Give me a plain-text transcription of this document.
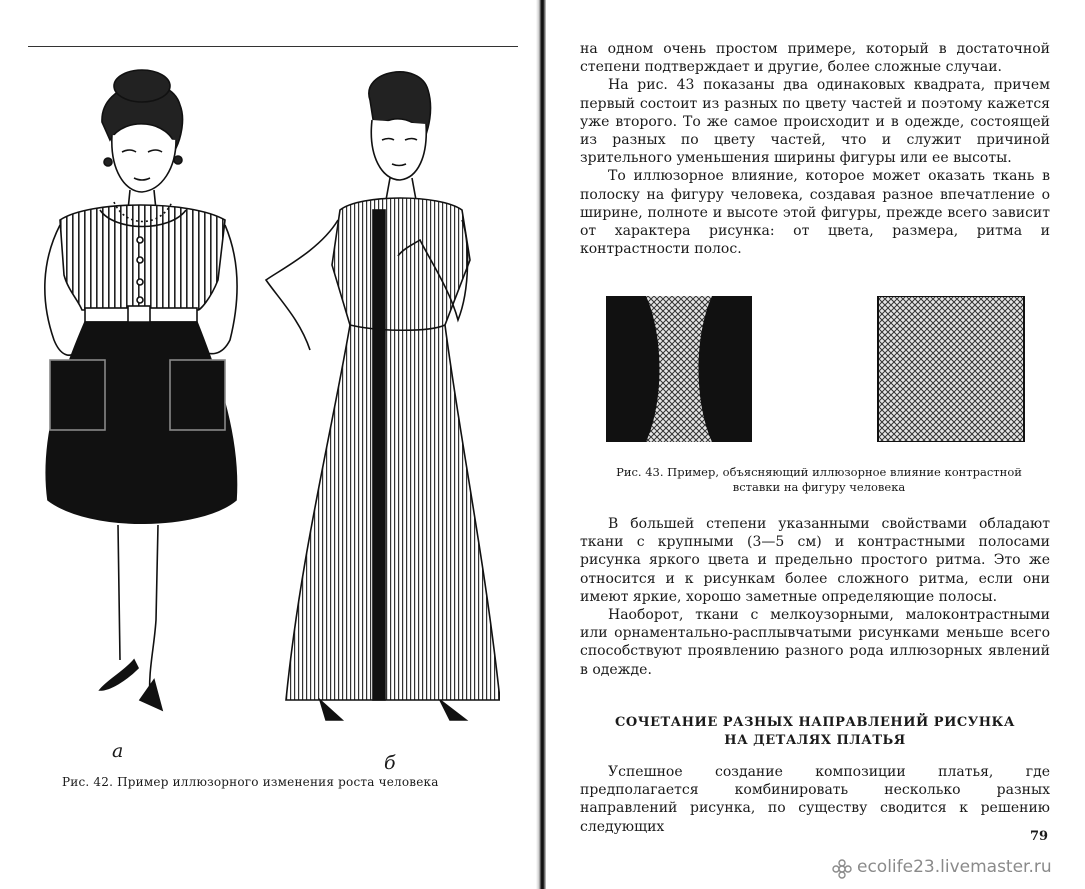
а
б
Рис. 42. Пример иллюзорного изменения роста человека

на одном очень простом примере, который в достаточной степени подтверждает и другие, более сложные случаи.

На рис. 43 показаны два одинаковых квадрата, причем первый состоит из разных по цвету частей и поэтому кажется уже второго. То же самое происходит и в одежде, состоящей из разных по цвету частей, что и служит причиной зрительного уменьшения ширины фигуры или ее высоты.

То иллюзорное влияние, которое может оказать ткань в полоску на фигуру человека, создавая разное впечатление о ширине, полноте и высоте этой фигуры, прежде всего зависит от характера рисунка: от цвета, размера, ритма и контрастности полос.

Рис. 43. Пример, объясняющий иллюзорное влияние контрастной вставки на фигуру человека

В большей степени указанными свойствами обладают ткани с крупными (3—5 см) и контрастными полосами рисунка яркого цвета и предельно простого ритма. Это же относится и к рисункам более сложного ритма, если они имеют яркие, хорошо заметные определяющие полосы.

Наоборот, ткани с мелкоузорными, малоконтрастными или орнаментально-расплывчатыми рисунками меньше всего способствуют проявлению разного рода иллюзорных явлений в одежде.

СОЧЕТАНИЕ РАЗНЫХ НАПРАВЛЕНИЙ РИСУНКА
НА ДЕТАЛЯХ ПЛАТЬЯ

Успешное создание композиции платья, где предполагается комбинировать несколько разных направлений рисунка, по существу сводится к решению следующих

79
ecolife23.livemaster.ru
